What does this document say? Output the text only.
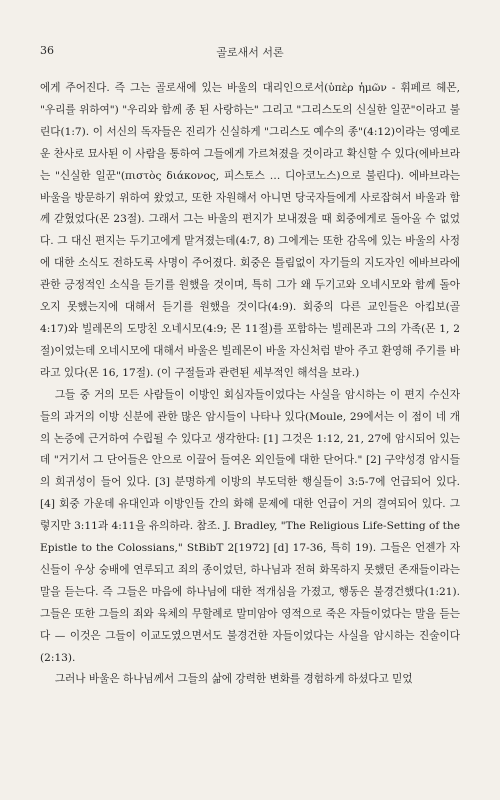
36	골로새서 서론

에게 주어진다. 즉 그는 골로새에 있는 바울의 대리인으로서(ὑπὲρ ἡμῶν - 휘페르 헤몬, "우리를 위하여") "우리와 함께 종 된 사랑하는" 그리고 "그리스도의 신실한 일꾼"이라고 불린다(1:7). 이 서신의 독자들은 진리가 신실하게 "그리스도 예수의 종"(4:12)이라는 영예로운 찬사로 묘사된 이 사람을 통하여 그들에게 가르쳐졌을 것이라고 확신할 수 있다(에바브라는 "신실한 일꾼"(πιστὸς διάκονος, 피스토스 … 디아코노스)으로 불린다). 에바브라는 바울을 방문하기 위하여 왔었고, 또한 자원해서 아니면 당국자들에게 사로잡혀서 바울과 함께 갇혔었다(몬 23절). 그래서 그는 바울의 편지가 보내졌을 때 회중에게로 돌아올 수 없었다. 그 대신 편지는 두기고에게 맡겨졌는데(4:7, 8) 그에게는 또한 감옥에 있는 바울의 사정에 대한 소식도 전하도록 사명이 주어졌다. 회중은 틀림없이 자기들의 지도자인 에바브라에 관한 긍정적인 소식을 듣기를 원했을 것이며, 특히 그가 왜 두기고와 오네시모와 함께 돌아오지 못했는지에 대해서 듣기를 원했을 것이다(4:9). 회중의 다른 교인들은 아킵보(골 4:17)와 빌레몬의 도망친 오네시모(4:9; 몬 11절)를 포함하는 빌레몬과 그의 가족(몬 1, 2절)이었는데 오네시모에 대해서 바울은 빌레몬이 바울 자신처럼 받아 주고 환영해 주기를 바라고 있다(몬 16, 17절). (이 구절들과 관련된 세부적인 해석을 보라.)

그들 중 거의 모든 사람들이 이방인 회심자들이었다는 사실을 암시하는 이 편지 수신자들의 과거의 이방 신분에 관한 많은 암시들이 나타나 있다(Moule, 29에서는 이 점이 네 개의 논증에 근거하여 수립될 수 있다고 생각한다: [1] 그것은 1:12, 21, 27에 암시되어 있는데 "거기서 그 단어들은 안으로 이끌어 들여온 외인들에 대한 단어다." [2] 구약성경 암시들의 희귀성이 들어 있다. [3] 분명하게 이방의 부도덕한 행실들이 3:5-7에 언급되어 있다. [4] 회중 가운데 유대인과 이방인들 간의 화해 문제에 대한 언급이 거의 결여되어 있다. 그렇지만 3:11과 4:11을 유의하라. 참조. J. Bradley, "The Religious Life-Setting of the Epistle to the Colossians," StBibT 2[1972] [d] 17-36, 특히 19). 그들은 언젠가 자신들이 우상 숭배에 연루되고 죄의 종이었던, 하나님과 전혀 화목하지 못했던 존재들이라는 말을 듣는다. 즉 그들은 마음에 하나님에 대한 적개심을 가졌고, 행동은 불경건했다(1:21). 그들은 또한 그들의 죄와 육체의 무할례로 말미암아 영적으로 죽은 자들이었다는 말을 듣는다 — 이것은 그들이 이교도였으면서도 불경건한 자들이었다는 사실을 암시하는 진술이다(2:13).

그러나 바울은 하나님께서 그들의 삶에 강력한 변화를 경험하게 하셨다고 믿었
